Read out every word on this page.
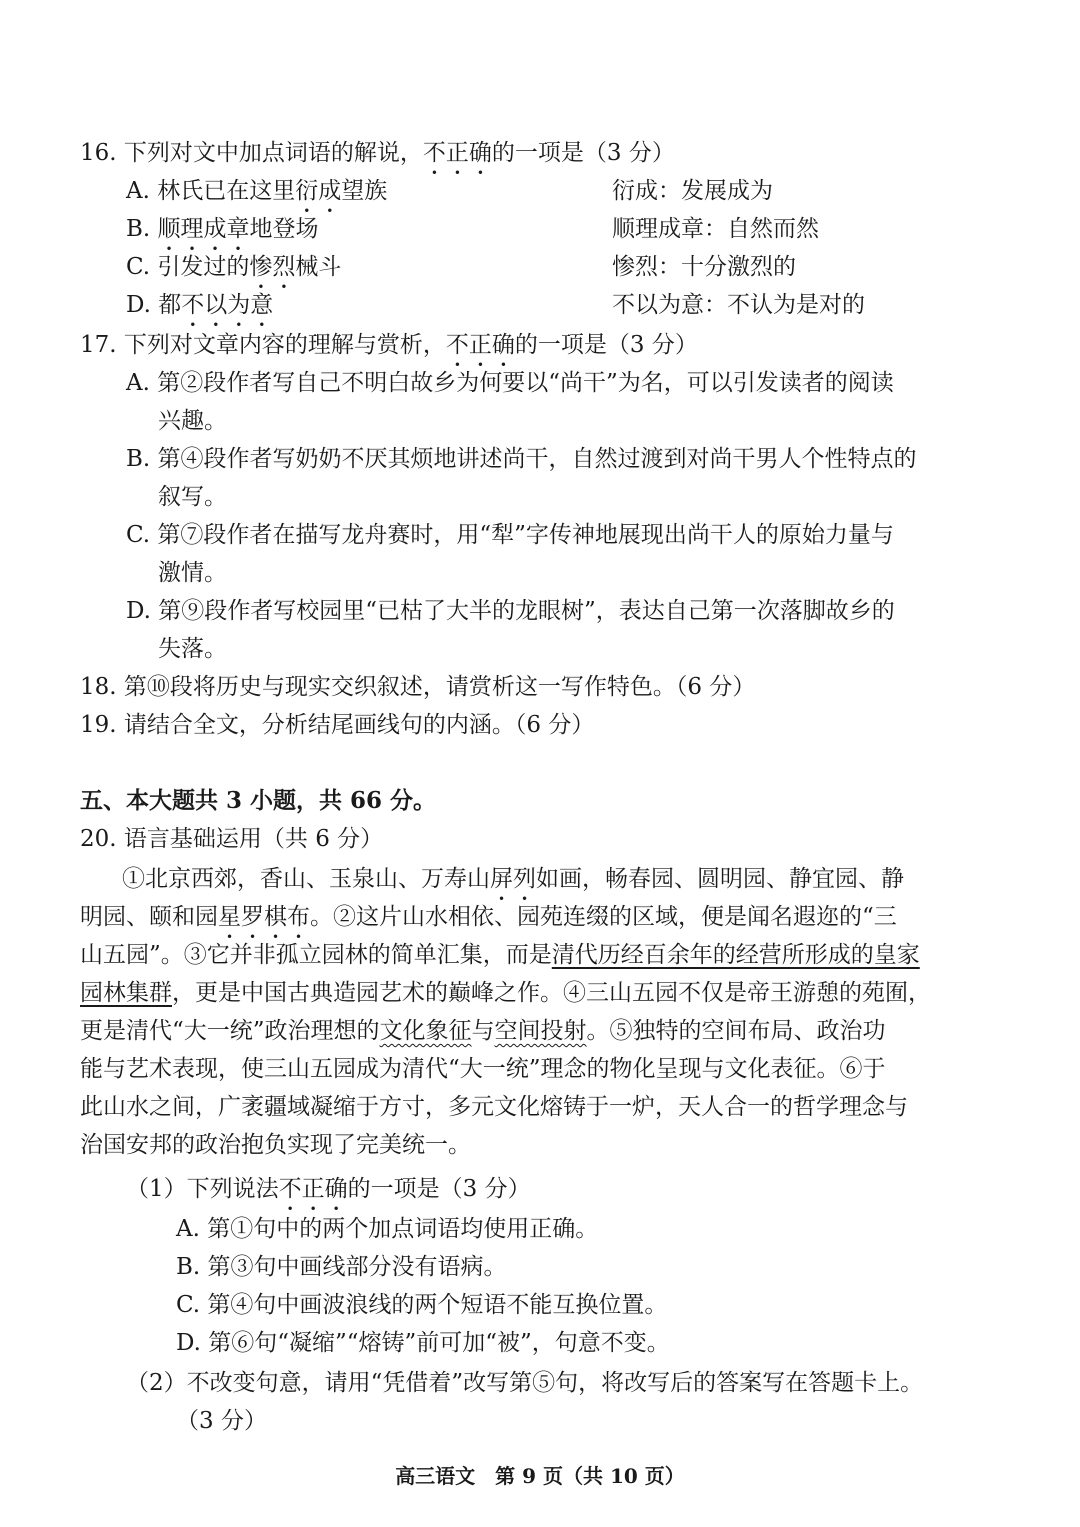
16. 下列对文中加点词语的解说，不正确的一项是（3 分）
A. 林氏已在这里衍成望族	衍成：发展成为
B. 顺理成章地登场	顺理成章：自然而然
C. 引发过的惨烈械斗	惨烈：十分激烈的
D. 都不以为意	不以为意：不认为是对的
17. 下列对文章内容的理解与赏析，不正确的一项是（3 分）
A. 第②段作者写自己不明白故乡为何要以“尚干”为名，可以引发读者的阅读
兴趣。
B. 第④段作者写奶奶不厌其烦地讲述尚干，自然过渡到对尚干男人个性特点的
叙写。
C. 第⑦段作者在描写龙舟赛时，用“犁”字传神地展现出尚干人的原始力量与
激情。
D. 第⑨段作者写校园里“已枯了大半的龙眼树”，表达自己第一次落脚故乡的
失落。
18. 第⑩段将历史与现实交织叙述，请赏析这一写作特色。（6 分）
19. 请结合全文，分析结尾画线句的内涵。（6 分）
五、本大题共 3 小题，共 66 分。
20. 语言基础运用（共 6 分）
①北京西郊，香山、玉泉山、万寿山屏列如画，畅春园、圆明园、静宜园、静
明园、颐和园星罗棋布。②这片山水相依、园苑连缀的区域，便是闻名遐迩的“三
山五园”。③它并非孤立园林的简单汇集，而是清代历经百余年的经营所形成的皇家
园林集群，更是中国古典造园艺术的巅峰之作。④三山五园不仅是帝王游憩的苑囿，
更是清代“大一统”政治理想的文化象征与空间投射。⑤独特的空间布局、政治功
能与艺术表现，使三山五园成为清代“大一统”理念的物化呈现与文化表征。⑥于
此山水之间，广袤疆域凝缩于方寸，多元文化熔铸于一炉，天人合一的哲学理念与
治国安邦的政治抱负实现了完美统一。
（1）下列说法不正确的一项是（3 分）
A. 第①句中的两个加点词语均使用正确。
B. 第③句中画线部分没有语病。
C. 第④句中画波浪线的两个短语不能互换位置。
D. 第⑥句“凝缩”“熔铸”前可加“被”，句意不变。
（2）不改变句意，请用“凭借着”改写第⑤句，将改写后的答案写在答题卡上。
（3 分）
高三语文　第 9 页（共 10 页）
